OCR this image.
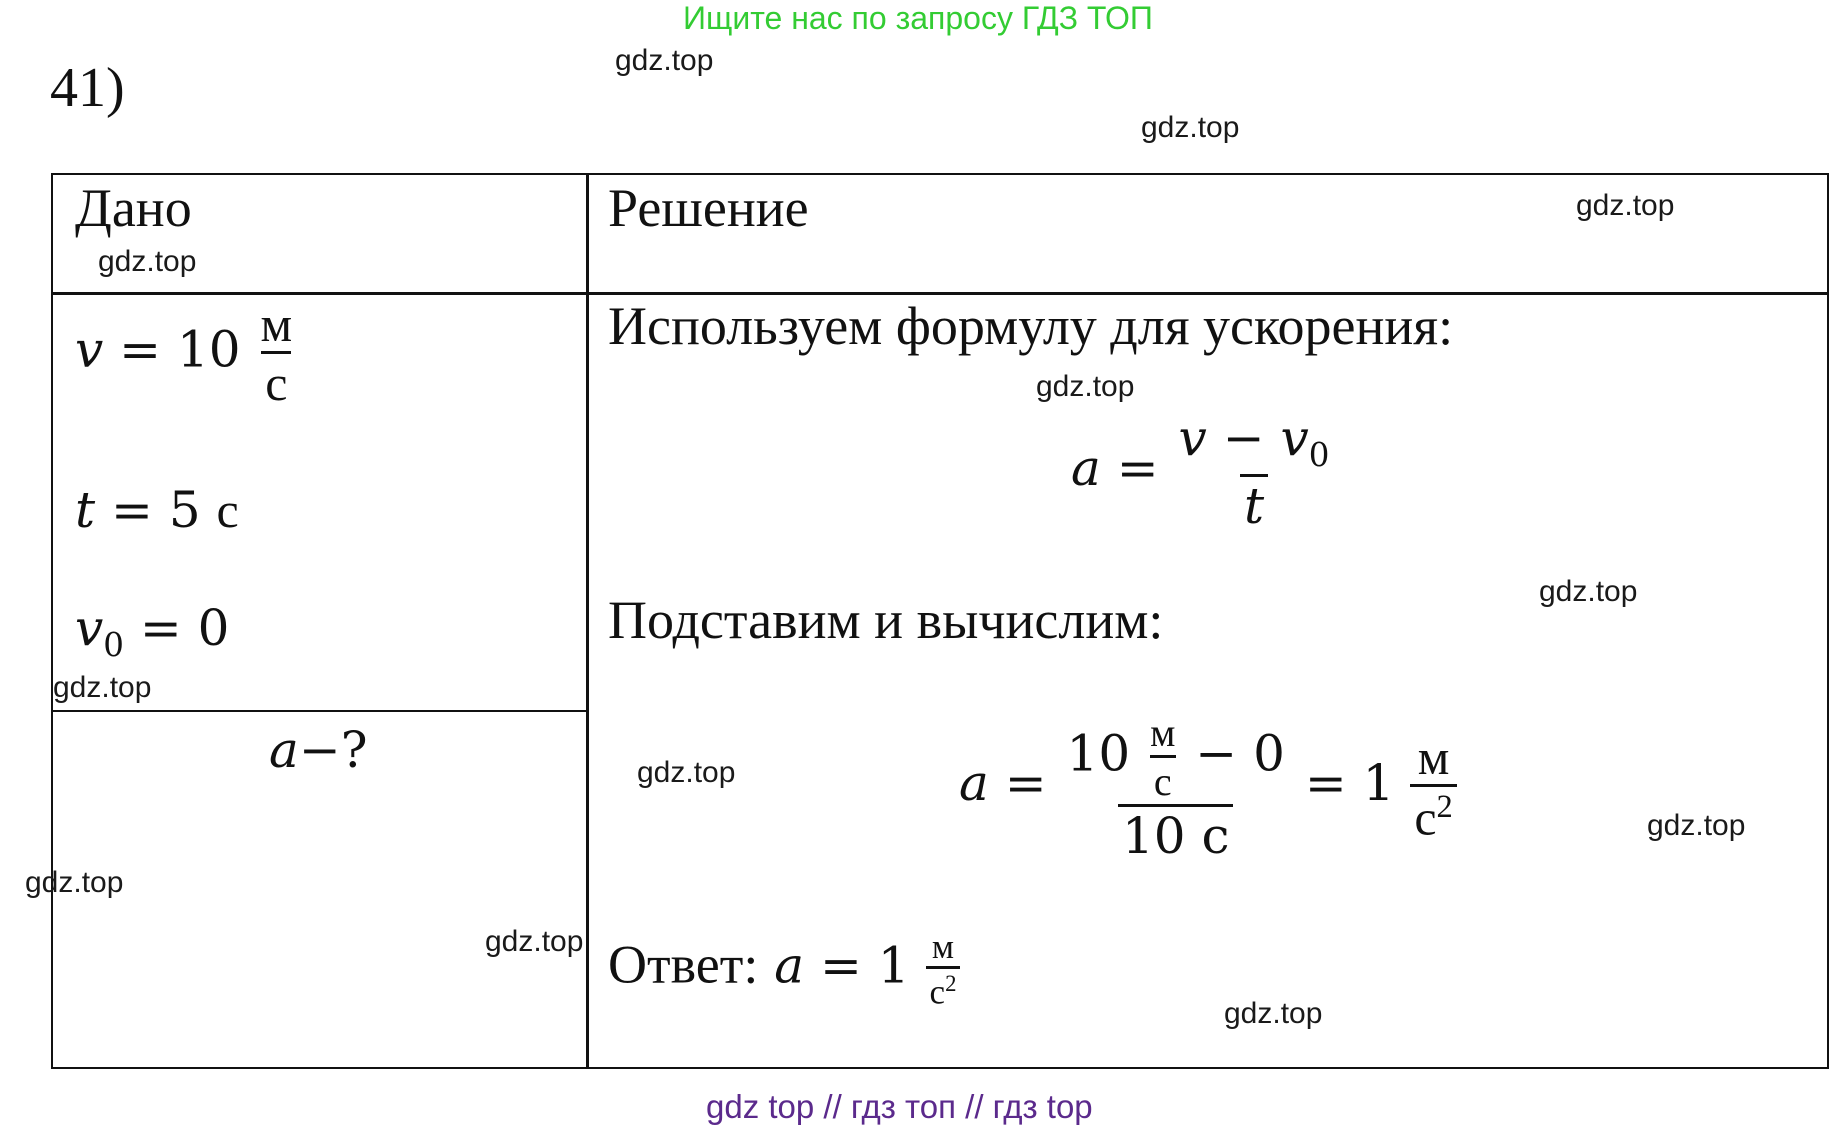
Ищите нас по запросу ГДЗ ТОП
41)	gdz.top
gdz.top
Дано	Решение
$v = 10 \frac{м}{с}$
t = 5 с
$v_0 = 0$
gdz.top
gdz.top
a−?
Используем формулу для ускорения:
gdz.top
gdz.top
$a = \frac{v - v_0}{t}$
Подставим и вычислим:	gdz.top
gdz.top
gdz.top
a =
$10 \frac{м}{с} - 0$
10 с
= $1 \frac{м}{с^2}$
gdz.top Ответ: $a = 1 \frac{м}{с^2}$
gdz.top
gdz.top
gdz top // гдз топ // гдз top
